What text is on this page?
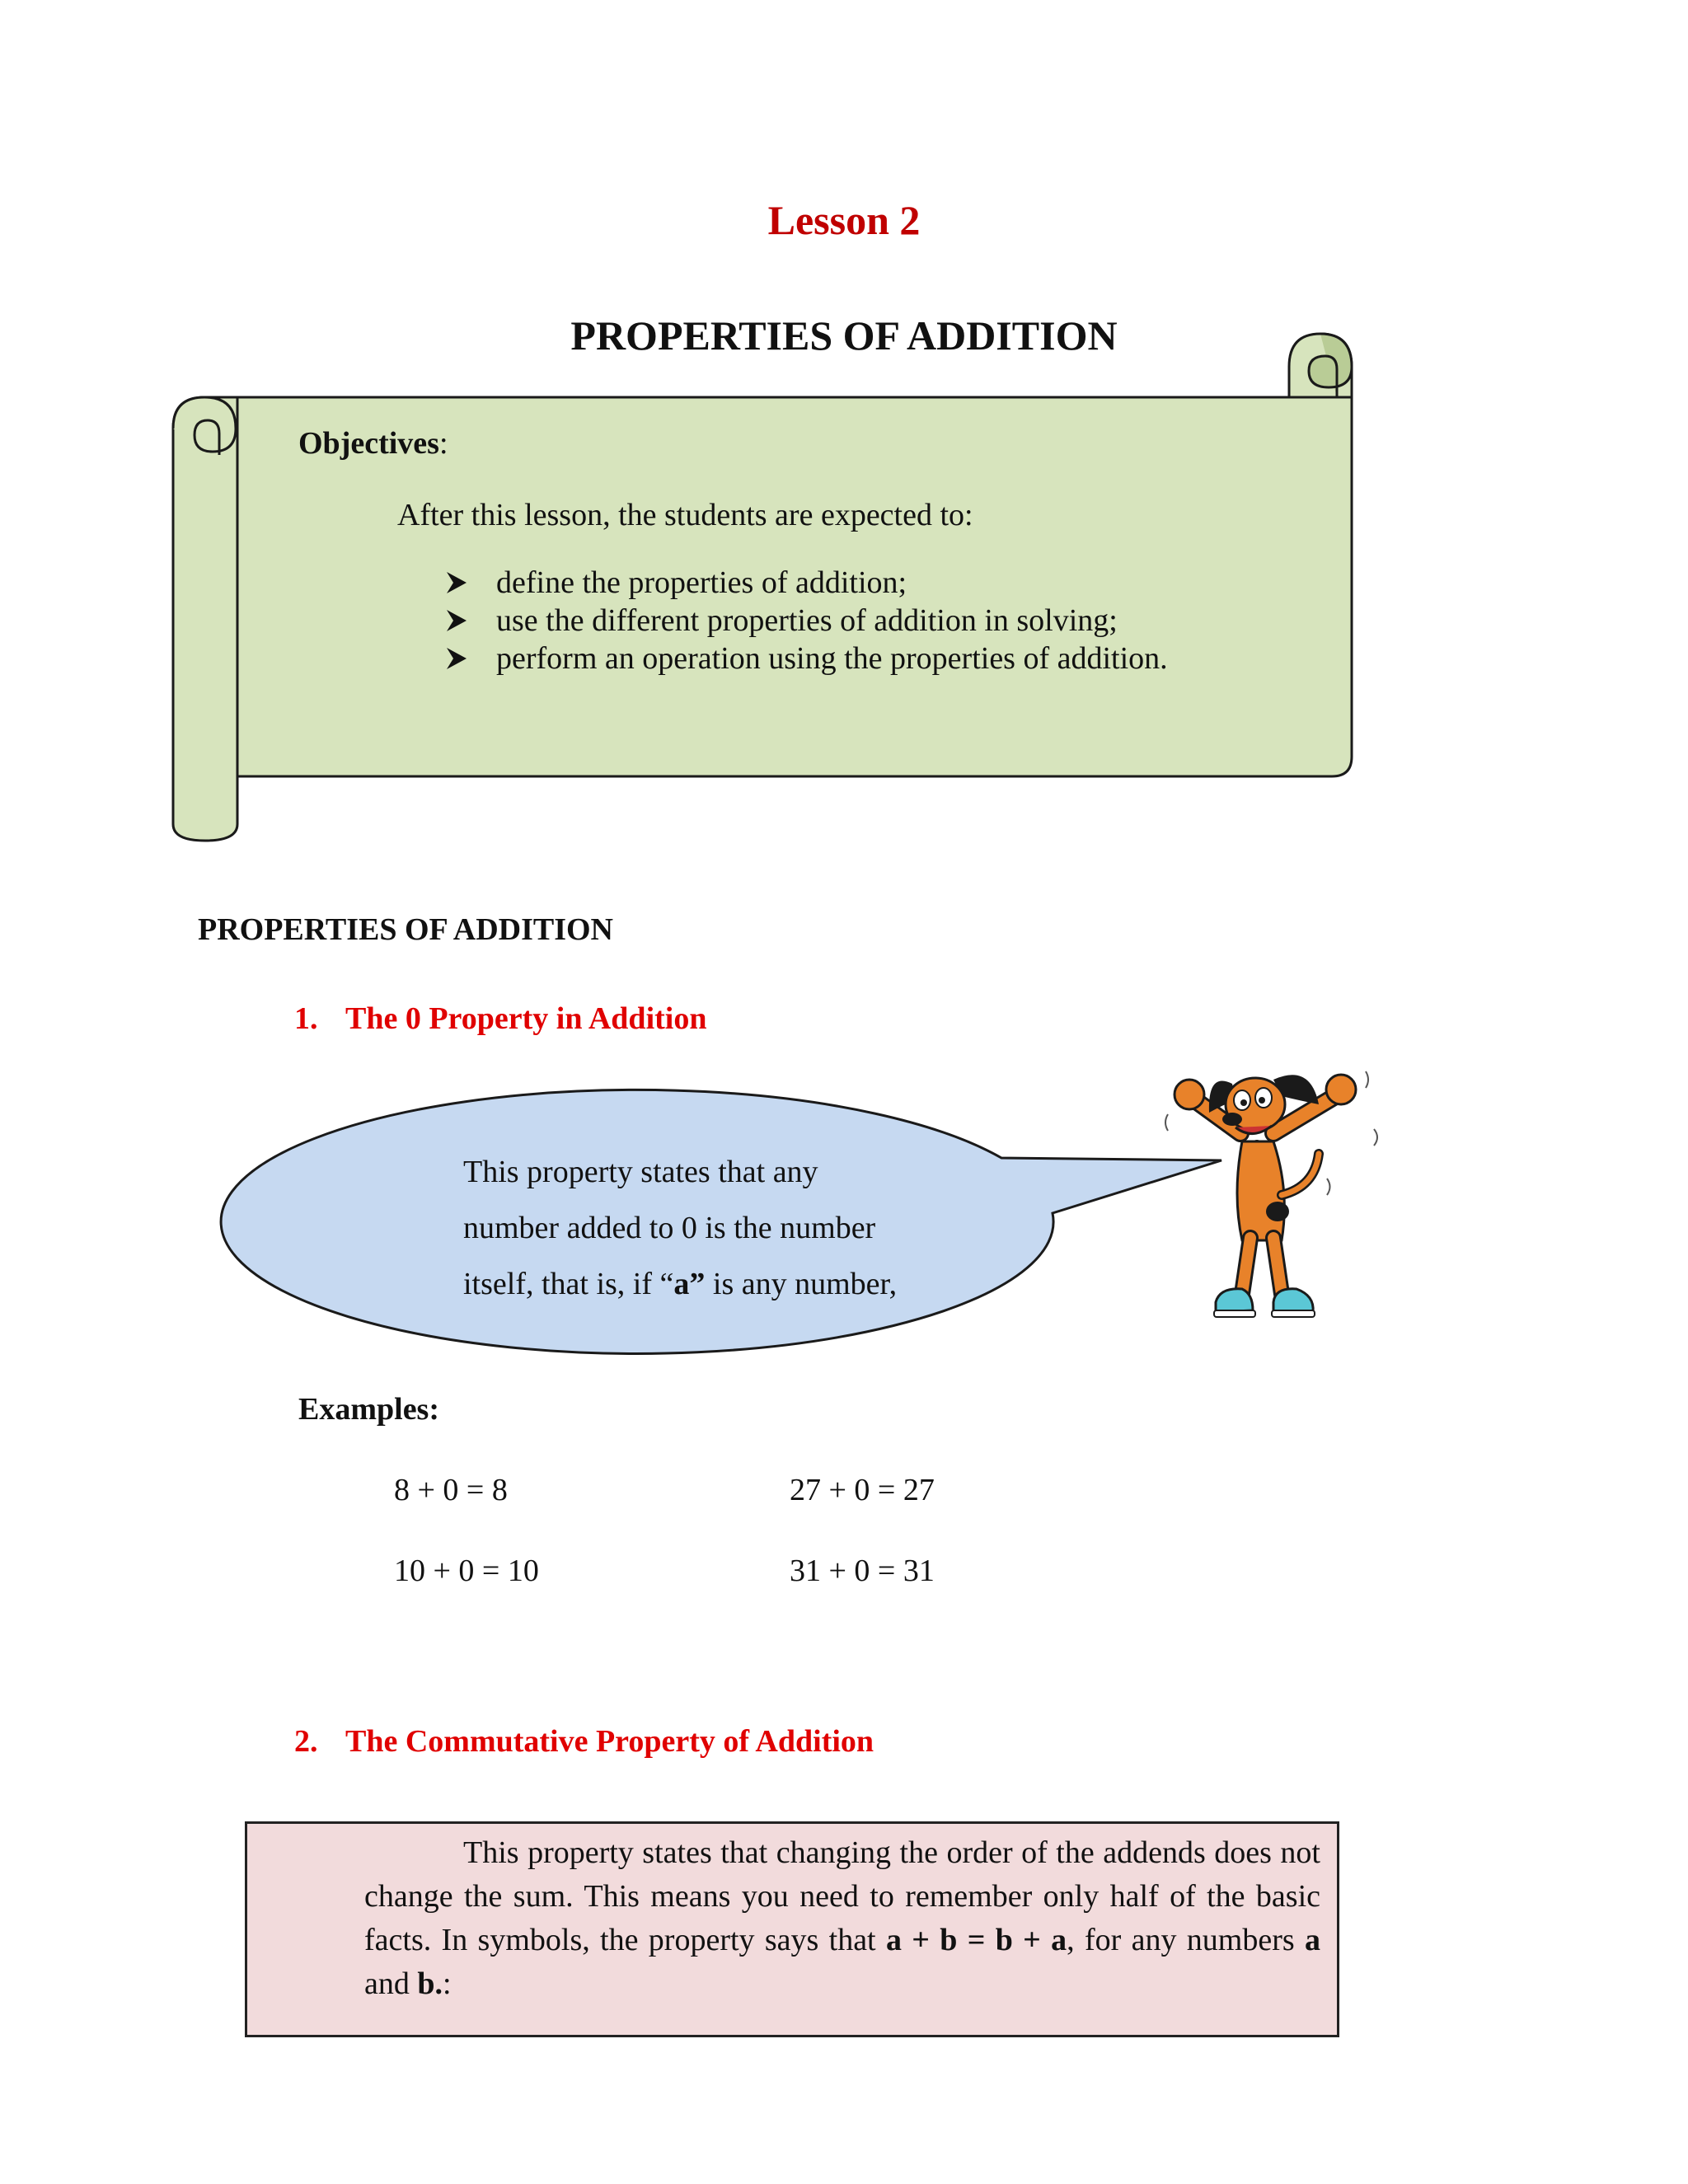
Lesson 2
PROPERTIES OF ADDITION
Objectives:
After this lesson, the students are expected to:
define the properties of addition;
use the different properties of addition in solving;
perform an operation using the properties of addition.
PROPERTIES OF ADDITION
1. The 0 Property in Addition
This property states that any
number added to 0 is the number
itself, that is, if “a” is any number,
Examples:
8 + 0 = 8	27 + 0 = 27
10 + 0 = 10	31 + 0 = 31
2. The Commutative Property of Addition
This property states that changing the order of the addends does not change the sum. This means you need to remember only half of the basic facts. In symbols, the property says that a + b = b + a, for any numbers a and b.:
